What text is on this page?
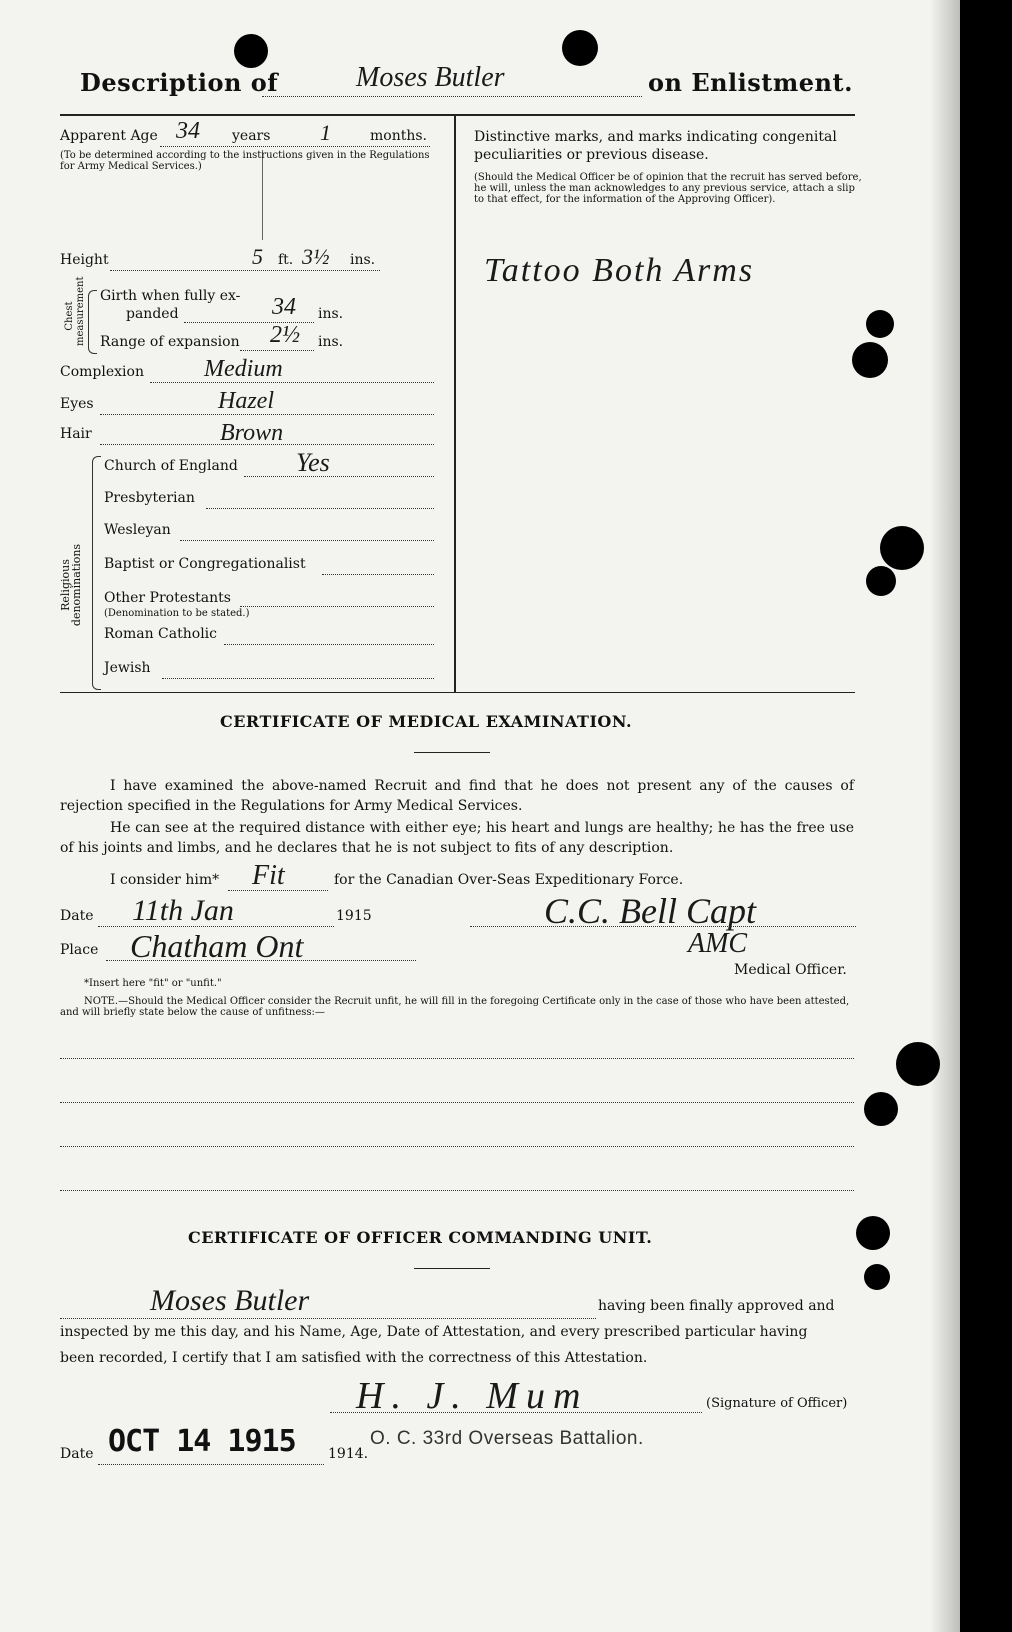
Description of	Moses Butler	on Enlistment.
Apparent Age 34 years 1	months.
(To be determined according to the instructions given in the Regulations for Army Medical Services.)
Height	5 ft. 3½ ins.
Chest measurement Girth when fully ex-
panded	34 ins.
Range of expansion 2½ ins.
Complexion	Medium
Eyes	Hazel
Hair	Brown
Religious denominations
Church of England Yes
Presbyterian
Wesleyan
Baptist or Congregationalist
Other Protestants
(Denomination to be stated.)
Roman Catholic
Jewish
Distinctive marks, and marks indicating congenital peculiarities or previous disease.
(Should the Medical Officer be of opinion that the recruit has served before, he will, unless the man acknowledges to any previous service, attach a slip to that effect, for the information of the Approving Officer).
Tattoo Both Arms
CERTIFICATE OF MEDICAL EXAMINATION.
I have examined the above-named Recruit and find that he does not present any of the causes of rejection specified in the Regulations for Army Medical Services.
He can see at the required distance with either eye; his heart and lungs are healthy; he has the free use of his joints and limbs, and he declares that he is not subject to fits of any description.
I consider him* Fit	for the Canadian Over-Seas Expeditionary Force.
Date 11th Jan	1915	C.C. Bell Capt
Place Chatham Ont	AMC
Medical Officer.
*Insert here "fit" or "unfit."
NOTE.—Should the Medical Officer consider the Recruit unfit, he will fill in the foregoing Certificate only in the case of those who have been attested, and will briefly state below the cause of unfitness:—
CERTIFICATE OF OFFICER COMMANDING UNIT.
Moses Butler	having been finally approved and
inspected by me this day, and his Name, Age, Date of Attestation, and every prescribed particular having
been recorded, I certify that I am satisfied with the correctness of this Attestation.
H. J. Mum	(Signature of Officer)
Date OCT 14 1915 1914.
O. C. 33rd Overseas Battalion.
